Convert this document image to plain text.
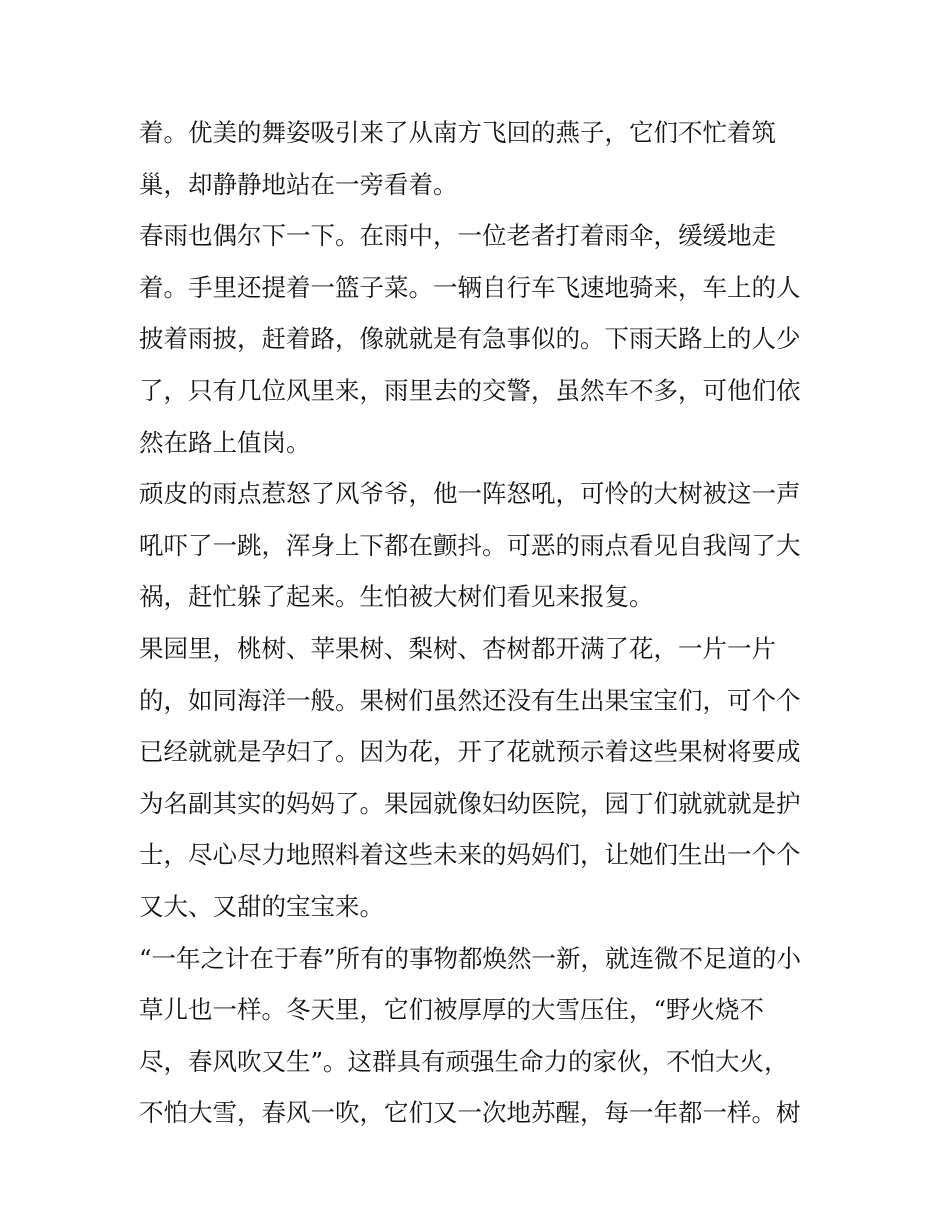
着。优美的舞姿吸引来了从南方飞回的燕子，它们不忙着筑
巢，却静静地站在一旁看着。
春雨也偶尔下一下。在雨中，一位老者打着雨伞，缓缓地走
着。手里还提着一篮子菜。一辆自行车飞速地骑来，车上的人
披着雨披，赶着路，像就就是有急事似的。下雨天路上的人少
了，只有几位风里来，雨里去的交警，虽然车不多，可他们依
然在路上值岗。
顽皮的雨点惹怒了风爷爷，他一阵怒吼，可怜的大树被这一声
吼吓了一跳，浑身上下都在颤抖。可恶的雨点看见自我闯了大
祸，赶忙躲了起来。生怕被大树们看见来报复。
果园里，桃树、苹果树、梨树、杏树都开满了花，一片一片
的，如同海洋一般。果树们虽然还没有生出果宝宝们，可个个
已经就就是孕妇了。因为花，开了花就预示着这些果树将要成
为名副其实的妈妈了。果园就像妇幼医院，园丁们就就就是护
士，尽心尽力地照料着这些未来的妈妈们，让她们生出一个个
又大、又甜的宝宝来。
“一年之计在于春”所有的事物都焕然一新，就连微不足道的小
草儿也一样。冬天里，它们被厚厚的大雪压住，“野火烧不
尽，春风吹又生”。这群具有顽强生命力的家伙，不怕大火，
不怕大雪，春风一吹，它们又一次地苏醒，每一年都一样。树
